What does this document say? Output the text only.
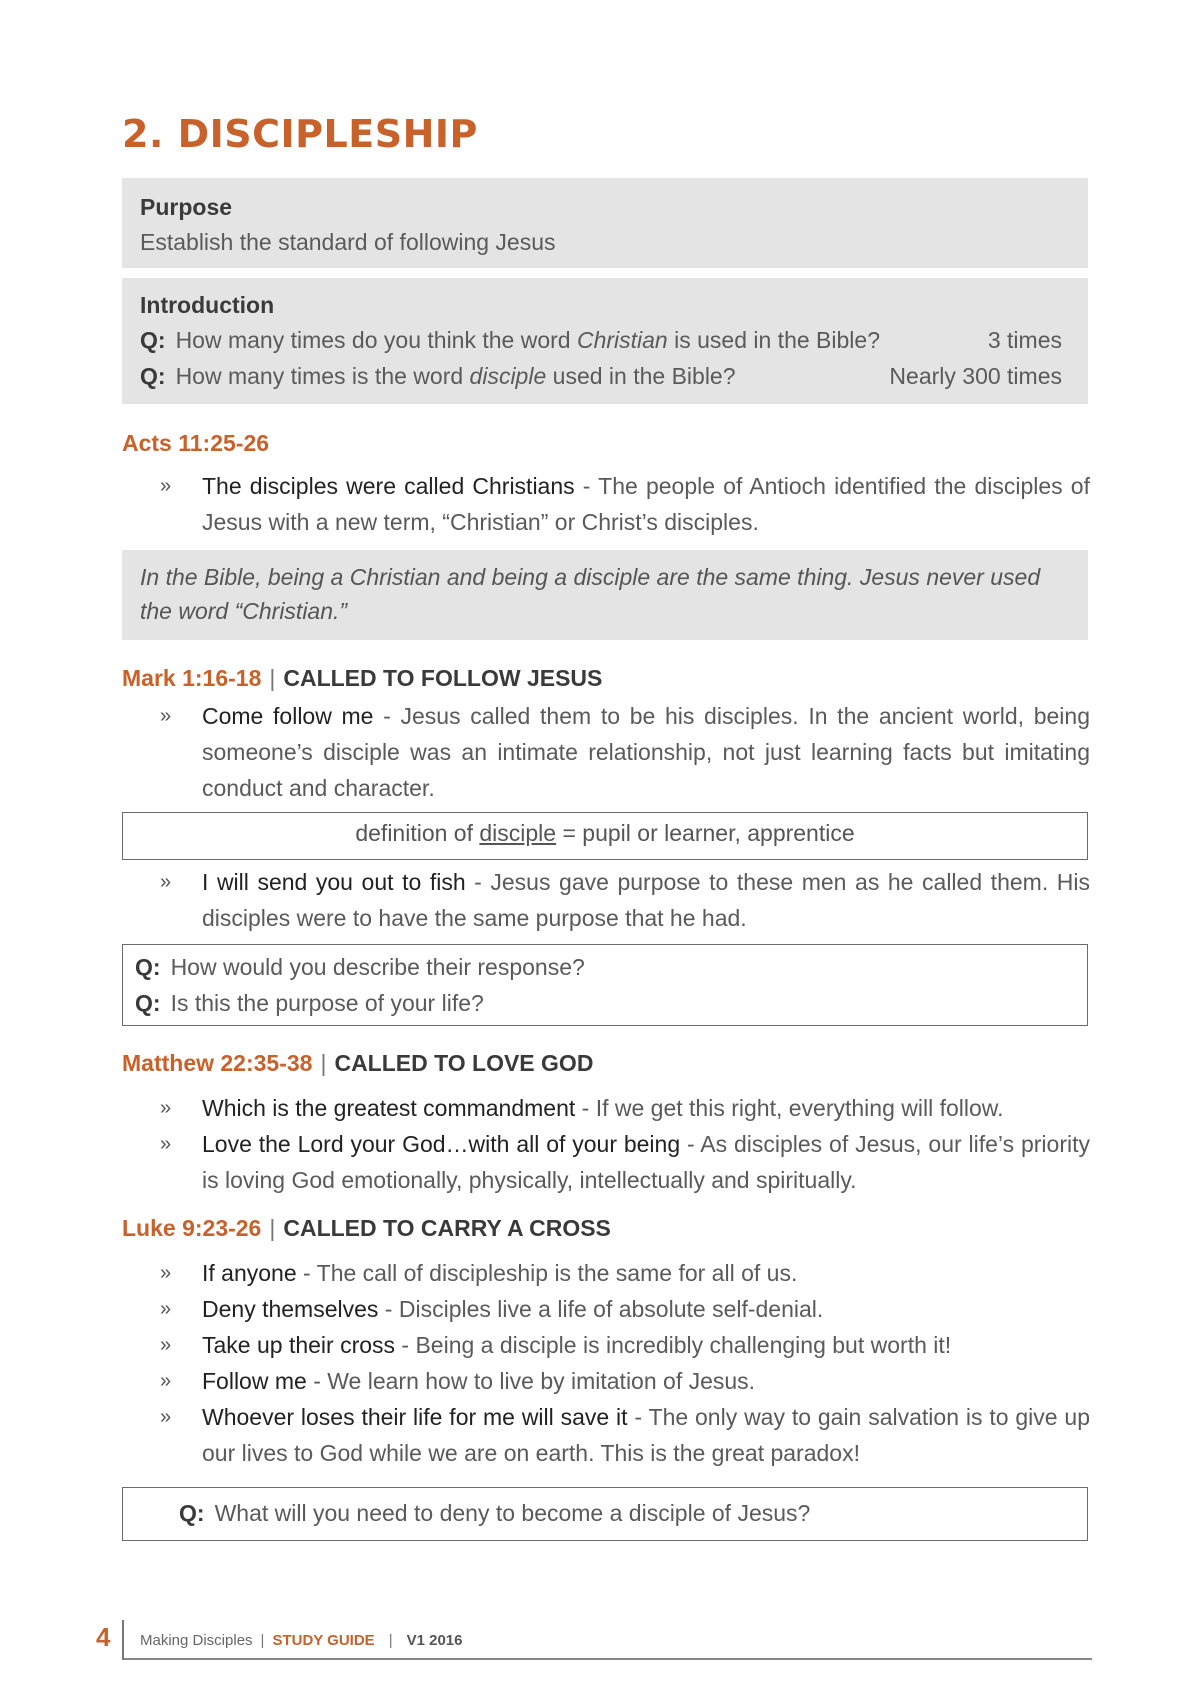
2. DISCIPLESHIP
Purpose
Establish the standard of following Jesus
Introduction
Q: How many times do you think the word Christian is used in the Bible?	3 times
Q: How many times is the word disciple used in the Bible?	Nearly 300 times
Acts 11:25-26
» The disciples were called Christians - The people of Antioch identified the disciples of Jesus with a new term, “Christian” or Christ’s disciples.
In the Bible, being a Christian and being a disciple are the same thing. Jesus never used the word “Christian.”
Mark 1:16-18 | CALLED TO FOLLOW JESUS
» Come follow me - Jesus called them to be his disciples. In the ancient world, being someone’s disciple was an intimate relationship, not just learning facts but imitating conduct and character.
definition of disciple = pupil or learner, apprentice
» I will send you out to fish - Jesus gave purpose to these men as he called them. His disciples were to have the same purpose that he had.
Q: How would you describe their response?
Q: Is this the purpose of your life?
Matthew 22:35-38 | CALLED TO LOVE GOD
» Which is the greatest commandment - If we get this right, everything will follow.
» Love the Lord your God…with all of your being - As disciples of Jesus, our life’s priority is loving God emotionally, physically, intellectually and spiritually.
Luke 9:23-26 | CALLED TO CARRY A CROSS
» If anyone - The call of discipleship is the same for all of us.
» Deny themselves - Disciples live a life of absolute self-denial.
» Take up their cross - Being a disciple is incredibly challenging but worth it!
» Follow me - We learn how to live by imitation of Jesus.
» Whoever loses their life for me will save it - The only way to gain salvation is to give up our lives to God while we are on earth. This is the great paradox!
Q: What will you need to deny to become a disciple of Jesus?
4 Making Disciples | STUDY GUIDE | V1 2016
